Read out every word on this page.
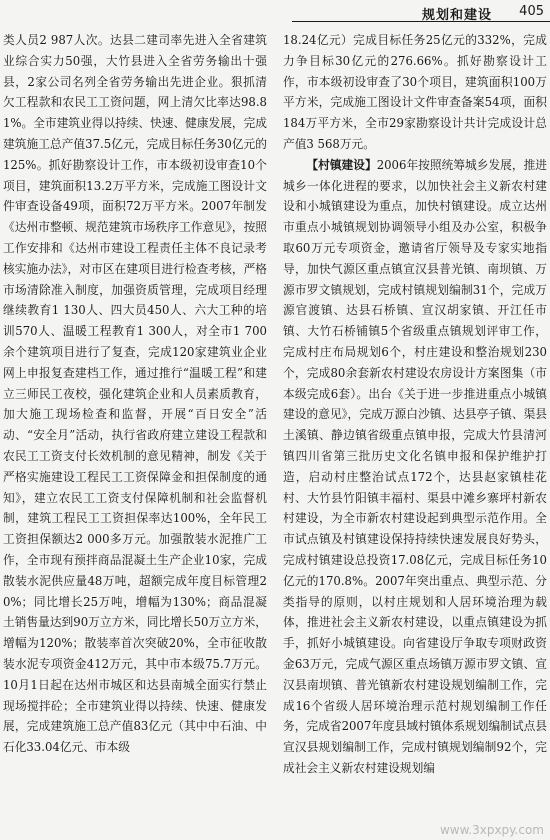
规划和建设 405

类人员2 987人次。达县二建司率先进入全省建筑业综合实力50强，大竹县进入全省劳务输出十强县，2家公司名列全省劳务输出先进企业。狠抓清欠工程款和农民工工资问题，网上清欠比率达98.81%。全市建筑业得以持续、快速、健康发展，完成建筑施工总产值37.5亿元，完成目标任务30亿元的125%。抓好勘察设计工作，市本级初设审查10个项目，建筑面积13.2万平方米，完成施工图设计文件审查设备49项，面积72万平方米。2007年制发《达州市整顿、规范建筑市场秩序工作意见》，按照工作安排和《达州市建设工程责任主体不良记录考核实施办法》，对市区在建项目进行检查考核，严格市场清除准入制度，加强资质管理，完成项目经理继续教育1 130人、四大员450人、六大工种的培训570人、温暖工程教育1 300人，对全市1 700余个建筑项目进行了复查，完成120家建筑业企业网上申报复查建档工作，通过推行“温暖工程”和建立三师民工夜校，强化建筑企业和人员素质教育，加大施工现场检查和监督，开展“百日安全”活动、“安全月”活动，执行省政府建立建设工程款和农民工工资支付长效机制的意见精神，制发《关于严格实施建设工程民工工资保障金和担保制度的通知》，建立农民工工资支付保障机制和社会监督机制，建筑工程民工工资担保率达100%，全年民工工资担保额达2 000多万元。加强散装水泥推广工作，全市现有预拌商品混凝土生产企业10家，完成散装水泥供应量48万吨，超额完成年度目标管理20%；同比增长25万吨，增幅为130%；商品混凝土销售量达到90万立方米，同比增长50万立方米，增幅为120%；散装率首次突破20%，全市征收散装水泥专项资金412万元，其中市本级75.7万元。10月1日起在达州市城区和达县南城全面实行禁止现场搅拌砼；全市建筑业得以持续、快速、健康发展，完成建筑施工总产值83亿元（其中中石油、中石化33.04亿元、市本级

18.24亿元）完成目标任务25亿元的332%，完成力争目标30亿元的276.66%。抓好勘察设计工作，市本级初设审查了30个项目，建筑面积100万平方米，完成施工图设计文件审查备案54项，面积184万平方米，全市29家勘察设计共计完成设计总产值3 568万元。

【村镇建设】2006年按照统筹城乡发展，推进城乡一体化进程的要求，以加快社会主义新农村建设和小城镇建设为重点，加快村镇建设。成立达州市重点小城镇规划协调领导小组及办公室，积极争取60万元专项资金，邀请省厅领导及专家实地指导，加快气源区重点镇宣汉县普光镇、南坝镇、万源市罗文镇规划，完成村镇规划编制31个，完成万源官渡镇、达县石桥镇、宣汉胡家镇、开江任市镇、大竹石桥铺镇5个省级重点镇规划评审工作，完成村庄布局规划6个，村庄建设和整治规划230个，完成80余套新农村建设农房设计方案图集（市本级完成6套）。出台《关于进一步推进重点小城镇建设的意见》，完成万源白沙镇、达县亭子镇、渠县土溪镇、静边镇省级重点镇申报，完成大竹县清河镇四川省第三批历史文化名镇申报和保护维护打造，启动村庄整治试点172个，达县赵家镇桂花村、大竹县竹阳镇丰福村、渠县中滩乡寨坪村新农村建设，为全市新农村建设起到典型示范作用。全市试点镇及村镇建设保持持续快速发展良好势头，完成村镇建设总投资17.08亿元，完成目标任务10亿元的170.8%。2007年突出重点、典型示范、分类指导的原则，以村庄规划和人居环境治理为载体，推进社会主义新农村建设，以重点镇建设为抓手，抓好小城镇建设。向省建设厅争取专项财政资金63万元，完成气源区重点场镇万源市罗文镇、宣汉县南坝镇、普光镇新农村建设规划编制工作，完成16个省级人居环境治理示范村规划编制工作任务，完成省2007年度县域村镇体系规划编制试点县宣汉县规划编制工作，完成村镇规划编制92个，完成社会主义新农村建设规划编

www.3xpxpy.com
